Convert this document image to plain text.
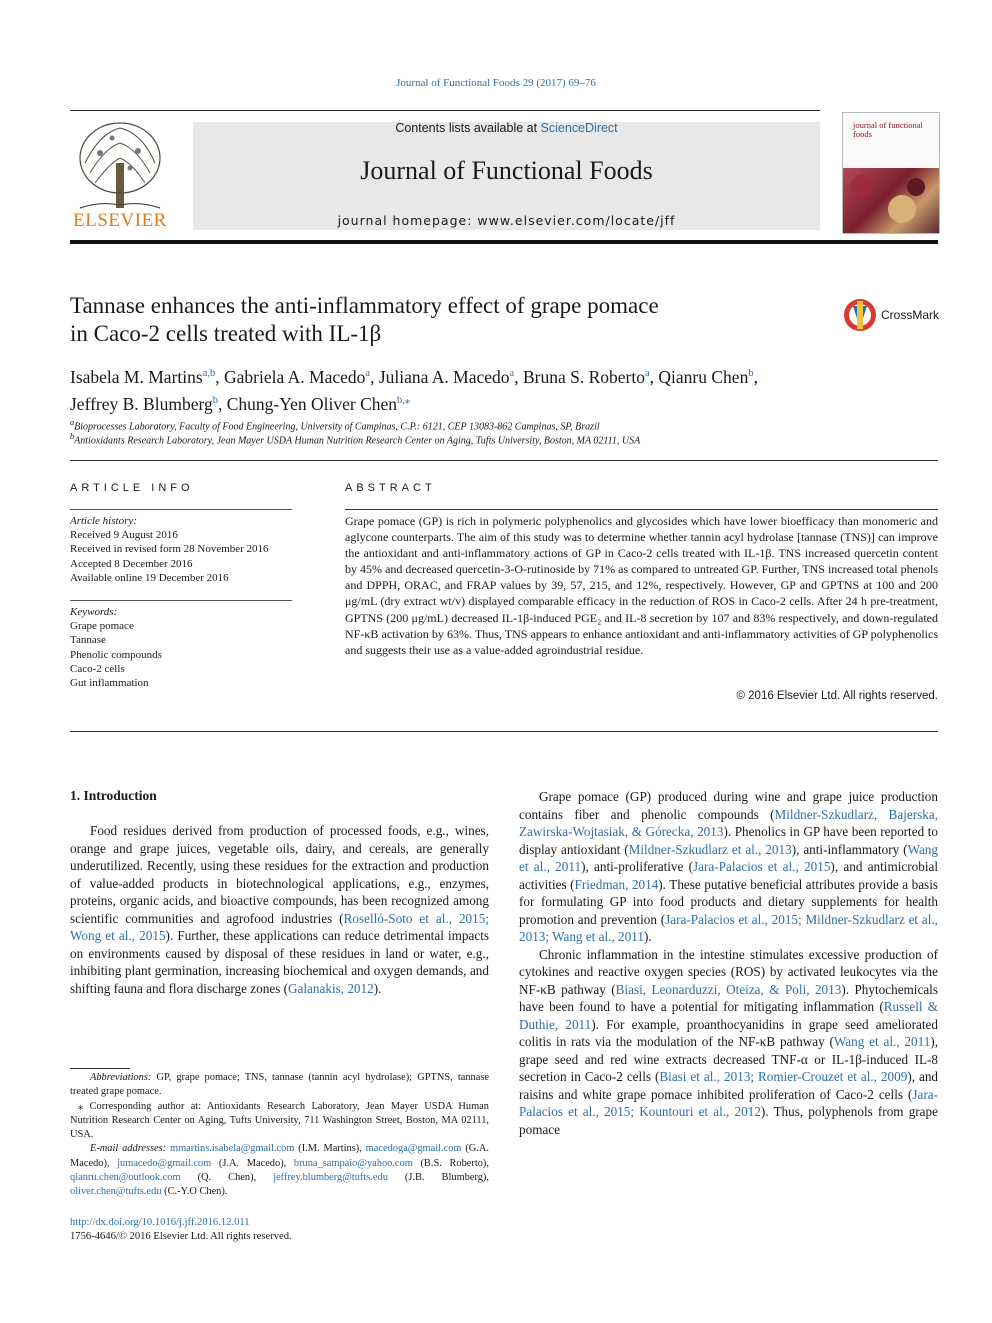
Journal of Functional Foods 29 (2017) 69–76
ELSEVIER
Contents lists available at ScienceDirect
Journal of Functional Foods
journal homepage: www.elsevier.com/locate/jff
journal of functional foods
Tannase enhances the anti-inflammatory effect of grape pomace
in Caco-2 cells treated with IL-1β
CrossMark
Isabela M. Martins$^{a,b}$, Gabriela A. Macedo$^a$, Juliana A. Macedo$^a$, Bruna S. Roberto$^a$, Qianru Chen$^b$,
Jeffrey B. Blumberg$^b$, Chung-Yen Oliver Chen$^{b,⁎}$
$^a$Bioprocesses Laboratory, Faculty of Food Engineering, University of Campinas, C.P.: 6121, CEP 13083-862 Campinas, SP, Brazil
$^b$Antioxidants Research Laboratory, Jean Mayer USDA Human Nutrition Research Center on Aging, Tufts University, Boston, MA 02111, USA
ARTICLE INFO
Article history:
Received 9 August 2016
Received in revised form 28 November 2016
Accepted 8 December 2016
Available online 19 December 2016
Keywords:
Grape pomace
Tannase
Phenolic compounds
Caco-2 cells
Gut inflammation
ABSTRACT
Grape pomace (GP) is rich in polymeric polyphenolics and glycosides which have lower bioefficacy than monomeric and aglycone counterparts. The aim of this study was to determine whether tannin acyl hydrolase [tannase (TNS)] can improve the antioxidant and anti-inflammatory actions of GP in Caco-2 cells treated with IL-1β. TNS increased quercetin content by 45% and decreased quercetin-3-O-rutinoside by 71% as compared to untreated GP. Further, TNS increased total phenols and DPPH, ORAC, and FRAP values by 39, 57, 215, and 12%, respectively. However, GP and GPTNS at 100 and 200 μg/mL (dry extract wt/v) displayed comparable efficacy in the reduction of ROS in Caco-2 cells. After 24 h pre-treatment, GPTNS (200 μg/mL) decreased IL-1β-induced PGE₂ and IL-8 secretion by 107 and 83% respectively, and down-regulated NF-κB activation by 63%. Thus, TNS appears to enhance antioxidant and anti-inflammatory activities of GP polyphenolics and suggests their use as a value-added agroindustrial residue.
© 2016 Elsevier Ltd. All rights reserved.
1. Introduction

Food residues derived from production of processed foods, e.g., wines, orange and grape juices, vegetable oils, dairy, and cereals, are generally underutilized. Recently, using these residues for the extraction and production of value-added products in biotechnological applications, e.g., enzymes, proteins, organic acids, and bioactive compounds, has been recognized among scientific communities and agrofood industries (Roselló-Soto et al., 2015; Wong et al., 2015). Further, these applications can reduce detrimental impacts on environments caused by disposal of these residues in land or water, e.g., inhibiting plant germination, increasing biochemical and oxygen demands, and shifting fauna and flora discharge zones (Galanakis, 2012).

Abbreviations: GP, grape pomace; TNS, tannase (tannin acyl hydrolase); GPTNS, tannase treated grape pomace.
⁎ Corresponding author at: Antioxidants Research Laboratory, Jean Mayer USDA Human Nutrition Research Center on Aging, Tufts University, 711 Washington Street, Boston, MA 02111, USA.
E-mail addresses: mmartins.isabela@gmail.com (I.M. Martins), macedoga@gmail.com (G.A. Macedo), jumacedo@gmail.com (J.A. Macedo), bruna_sampaio@yahoo.com (B.S. Roberto), qianru.chen@outlook.com (Q. Chen), jeffrey.blumberg@tufts.edu (J.B. Blumberg), oliver.chen@tufts.edu (C.-Y.O Chen).
http://dx.doi.org/10.1016/j.jff.2016.12.011
1756-4646/© 2016 Elsevier Ltd. All rights reserved.

Grape pomace (GP) produced during wine and grape juice production contains fiber and phenolic compounds (Mildner-Szkudlarz, Bajerska, Zawirska-Wojtasiak, & Górecka, 2013). Phenolics in GP have been reported to display antioxidant (Mildner-Szkudlarz et al., 2013), anti-inflammatory (Wang et al., 2011), anti-proliferative (Jara-Palacios et al., 2015), and antimicrobial activities (Friedman, 2014). These putative beneficial attributes provide a basis for formulating GP into food products and dietary supplements for health promotion and prevention (Jara-Palacios et al., 2015; Mildner-Szkudlarz et al., 2013; Wang et al., 2011).

Chronic inflammation in the intestine stimulates excessive production of cytokines and reactive oxygen species (ROS) by activated leukocytes via the NF-κB pathway (Biasi, Leonarduzzi, Oteiza, & Poli, 2013). Phytochemicals have been found to have a potential for mitigating inflammation (Russell & Duthie, 2011). For example, proanthocyanidins in grape seed ameliorated colitis in rats via the modulation of the NF-κB pathway (Wang et al., 2011), grape seed and red wine extracts decreased TNF-α or IL-1β-induced IL-8 secretion in Caco-2 cells (Biasi et al., 2013; Romier-Crouzet et al., 2009), and raisins and white grape pomace inhibited proliferation of Caco-2 cells (Jara-Palacios et al., 2015; Kountouri et al., 2012). Thus, polyphenols from grape pomace
